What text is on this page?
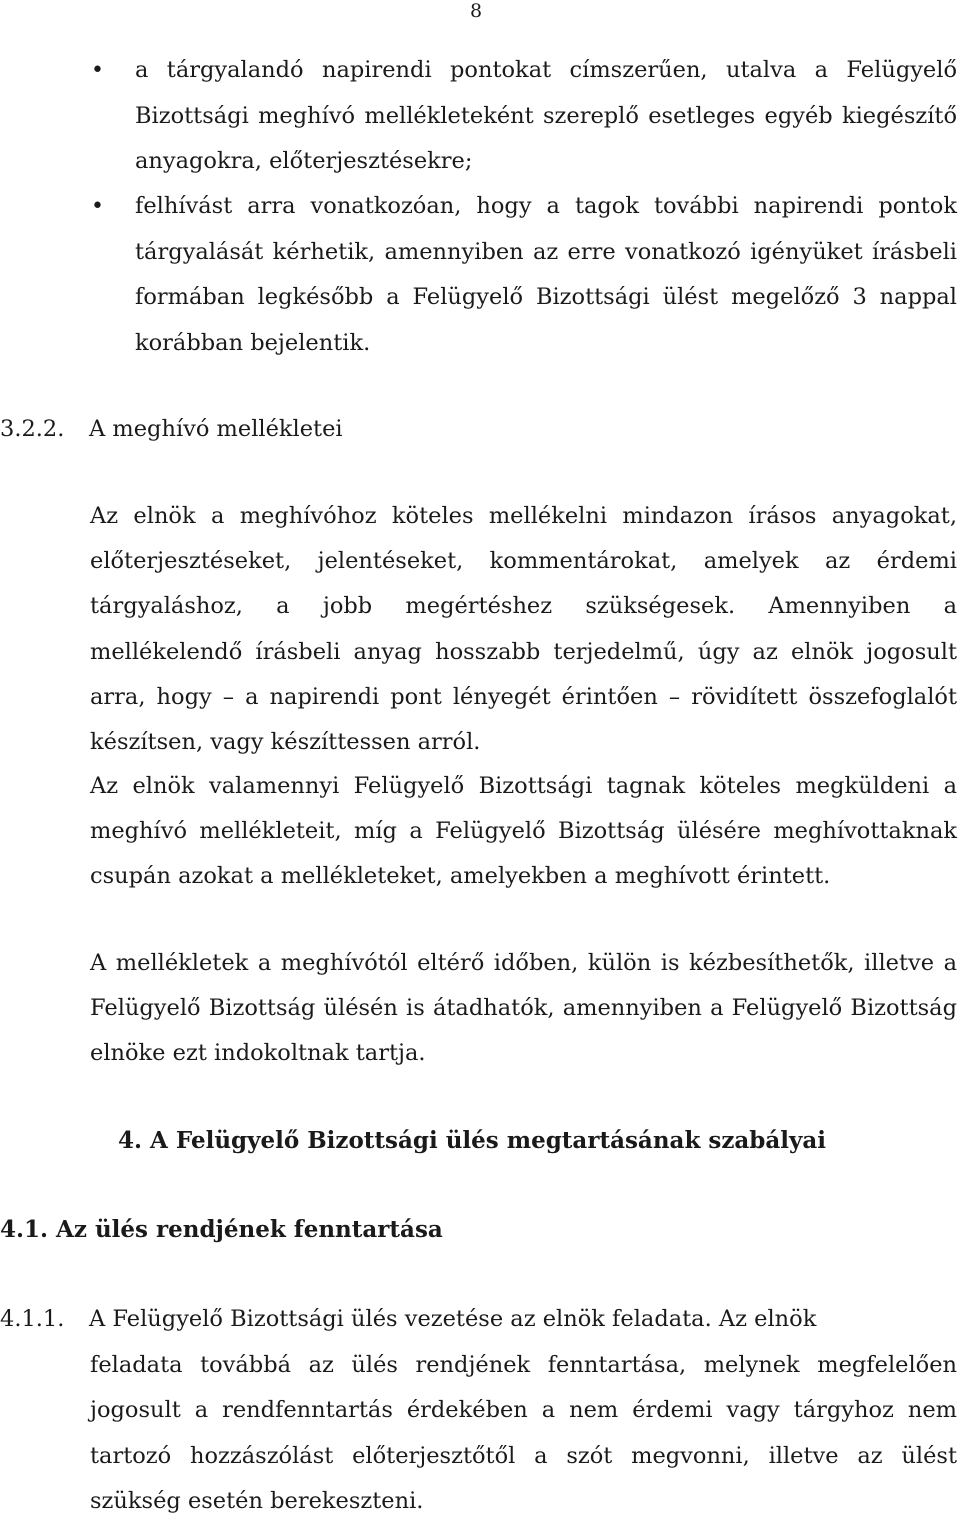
8
• a tárgyalandó napirendi pontokat címszerűen, utalva a Felügyelő Bizottsági meghívó mellékleteként szereplő esetleges egyéb kiegészítő anyagokra, előterjesztésekre;
• felhívást arra vonatkozóan, hogy a tagok további napirendi pontok tárgyalását kérhetik, amennyiben az erre vonatkozó igényüket írásbeli formában legkésőbb a Felügyelő Bizottsági ülést megelőző 3 nappal korábban bejelentik.
3.2.2. A meghívó mellékletei
Az elnök a meghívóhoz köteles mellékelni mindazon írásos anyagokat, előterjesztéseket, jelentéseket, kommentárokat, amelyek az érdemi tárgyaláshoz, a jobb megértéshez szükségesek. Amennyiben a mellékelendő írásbeli anyag hosszabb terjedelmű, úgy az elnök jogosult arra, hogy – a napirendi pont lényegét érintően – rövidített összefoglalót készítsen, vagy készíttessen arról.
Az elnök valamennyi Felügyelő Bizottsági tagnak köteles megküldeni a meghívó mellékleteit, míg a Felügyelő Bizottság ülésére meghívottaknak csupán azokat a mellékleteket, amelyekben a meghívott érintett.
A mellékletek a meghívótól eltérő időben, külön is kézbesíthetők, illetve a Felügyelő Bizottság ülésén is átadhatók, amennyiben a Felügyelő Bizottság elnöke ezt indokoltnak tartja.
4. A Felügyelő Bizottsági ülés megtartásának szabályai
4.1. Az ülés rendjének fenntartása
4.1.1. A Felügyelő Bizottsági ülés vezetése az elnök feladata. Az elnök
feladata továbbá az ülés rendjének fenntartása, melynek megfelelően jogosult a rendfenntartás érdekében a nem érdemi vagy tárgyhoz nem tartozó hozzászólást előterjesztőtől a szót megvonni, illetve az ülést szükség esetén berekeszteni.
